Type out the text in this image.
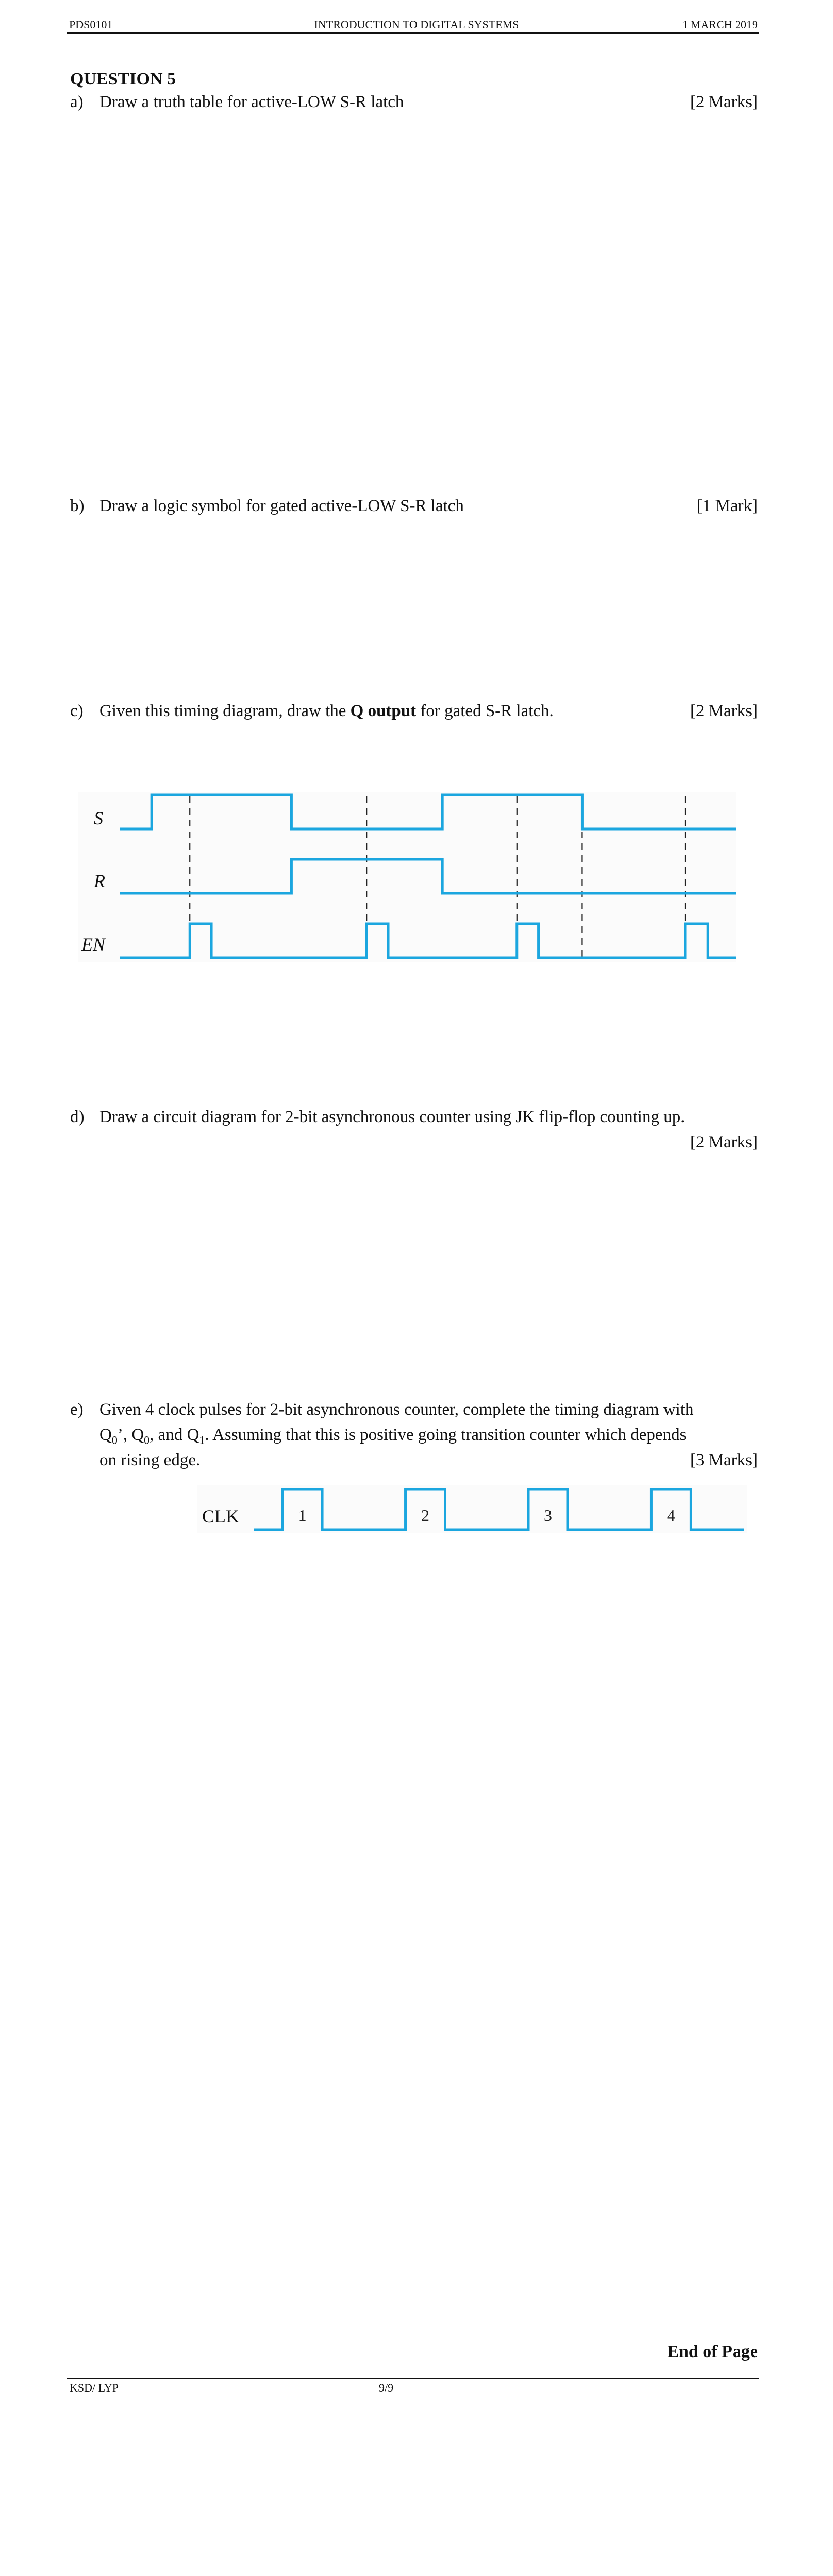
PDS0101	INTRODUCTION TO DIGITAL SYSTEMS	1 MARCH 2019
QUESTION 5
a) Draw a truth table for active-LOW S-R latch	[2 Marks]
b) Draw a logic symbol for gated active-LOW S-R latch	[1 Mark]
c) Given this timing diagram, draw the Q output for gated S-R latch.	[2 Marks]
S
R
EN
d) Draw a circuit diagram for 2-bit asynchronous counter using JK flip-flop counting up.
[2 Marks]
e) Given 4 clock pulses for 2-bit asynchronous counter, complete the timing diagram with
$Q_0$’, $Q_0$, and $Q_1$. Assuming that this is positive going transition counter which depends
on rising edge.	[3 Marks]
1	2	3	4
CLK
End of Page
KSD/ LYP	9/9
